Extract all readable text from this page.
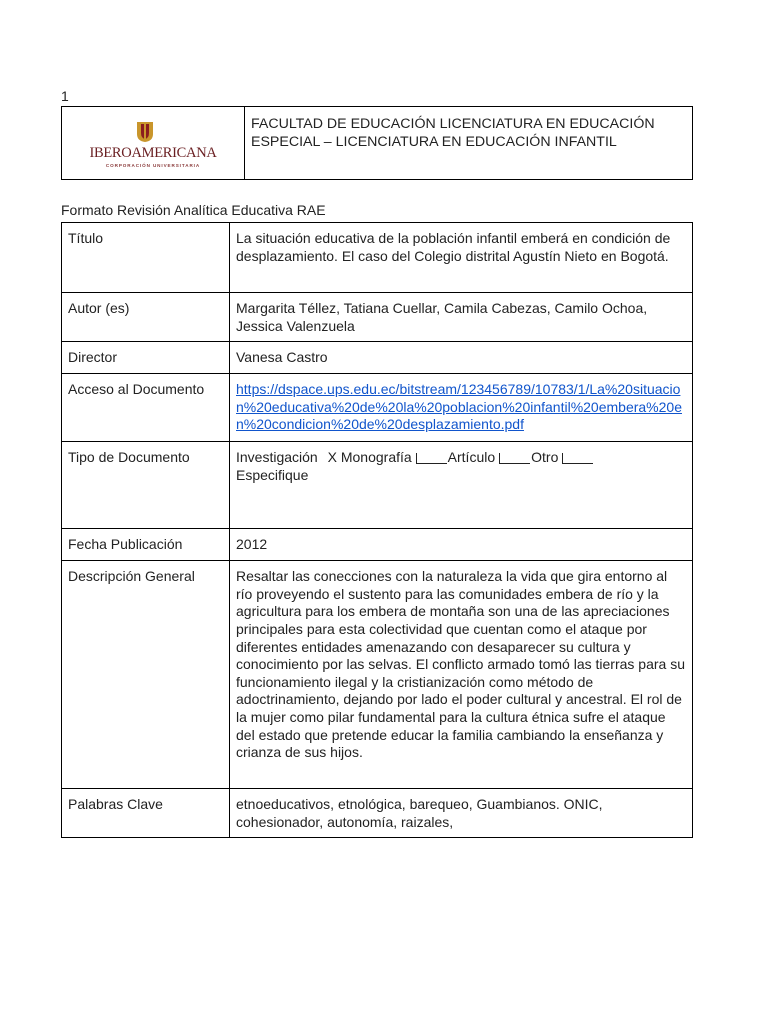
1
IBEROAMERICANA
CORPORACIÓN UNIVERSITARIA
	FACULTAD DE EDUCACIÓN LICENCIATURA EN EDUCACIÓN ESPECIAL – LICENCIATURA EN EDUCACIÓN INFANTIL
Formato Revisión Analítica Educativa RAE
Título	La situación educativa de la población infantil emberá en condición de desplazamiento. El caso del Colegio distrital Agustín Nieto en Bogotá.
Autor (es)	Margarita Téllez, Tatiana Cuellar, Camila Cabezas, Camilo Ochoa, Jessica Valenzuela
Director	Vanesa Castro
Acceso al Documento	https://dspace.ups.edu.ec/bitstream/123456789/10783/1/La%20situacion%20educativa%20de%20la%20poblacion%20infantil%20embera%20en%20condicion%20de%20desplazamiento.pdf
Tipo de Documento	Investigación X Monografía Artículo Otro
Especifique
Fecha Publicación	2012
Descripción General	Resaltar las conecciones con la naturaleza la vida que gira entorno al río proveyendo el sustento para las comunidades embera de río y la agricultura para los embera de montaña son una de las apreciaciones principales para esta colectividad que cuentan como el ataque por diferentes entidades amenazando con desaparecer su cultura y conocimiento por las selvas. El conflicto armado tomó las tierras para su funcionamiento ilegal y la cristianización como método de adoctrinamiento, dejando por lado el poder cultural y ancestral. El rol de la mujer como pilar fundamental para la cultura étnica sufre el ataque del estado que pretende educar la familia cambiando la enseñanza y crianza de sus hijos.
Palabras Clave	etnoeducativos, etnológica, barequeo, Guambianos. ONIC, cohesionador, autonomía, raizales,
